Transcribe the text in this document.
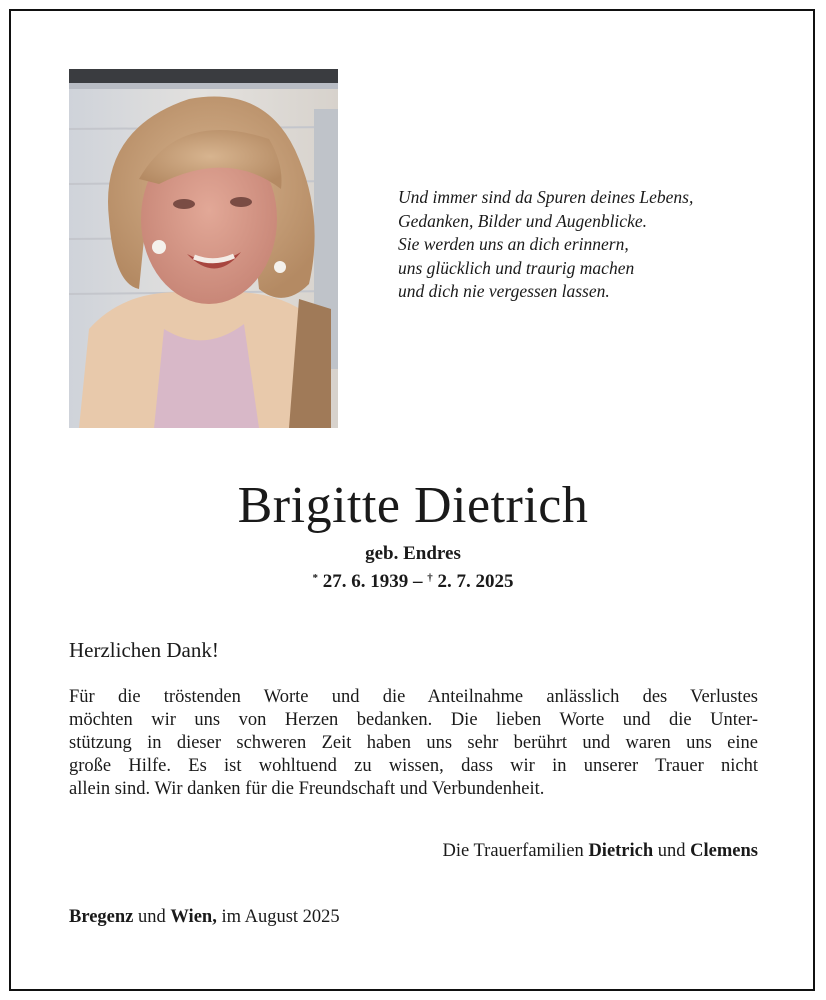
Und immer sind da Spuren deines Lebens,
Gedanken, Bilder und Augenblicke.
Sie werden uns an dich erinnern,
uns glücklich und traurig machen
und dich nie vergessen lassen.
Brigitte Dietrich
geb. Endres
* 27. 6. 1939 – † 2. 7. 2025
Herzlichen Dank!
Für die tröstenden Worte und die Anteilnahme anlässlich des Verlustes
möchten wir uns von Herzen bedanken. Die lieben Worte und die Unter-
stützung in dieser schweren Zeit haben uns sehr berührt und waren uns eine
große Hilfe. Es ist wohltuend zu wissen, dass wir in unserer Trauer nicht
allein sind. Wir danken für die Freundschaft und Verbundenheit.
Die Trauerfamilien Dietrich und Clemens
Bregenz und Wien, im August 2025
